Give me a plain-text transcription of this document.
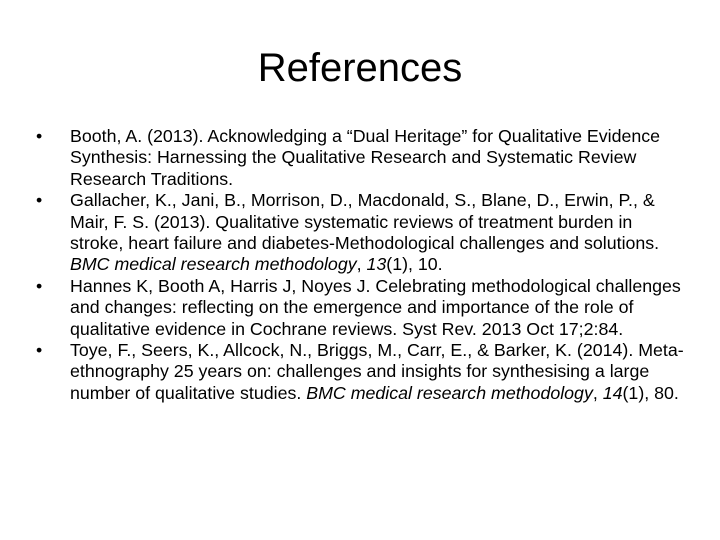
References
•	Booth, A. (2013). Acknowledging a “Dual Heritage” for Qualitative Evidence Synthesis: Harnessing the Qualitative Research and Systematic Review Research Traditions.
•	Gallacher, K., Jani, B., Morrison, D., Macdonald, S., Blane, D., Erwin, P., & Mair, F. S. (2013). Qualitative systematic reviews of treatment burden in stroke, heart failure and diabetes-Methodological challenges and solutions. BMC medical research methodology, 13(1), 10.
•	Hannes K, Booth A, Harris J, Noyes J. Celebrating methodological challenges and changes: reflecting on the emergence and importance of the role of qualitative evidence in Cochrane reviews. Syst Rev. 2013 Oct 17;2:84.
•	Toye, F., Seers, K., Allcock, N., Briggs, M., Carr, E., & Barker, K. (2014). Meta-ethnography 25 years on: challenges and insights for synthesising a large number of qualitative studies. BMC medical research methodology, 14(1), 80.
